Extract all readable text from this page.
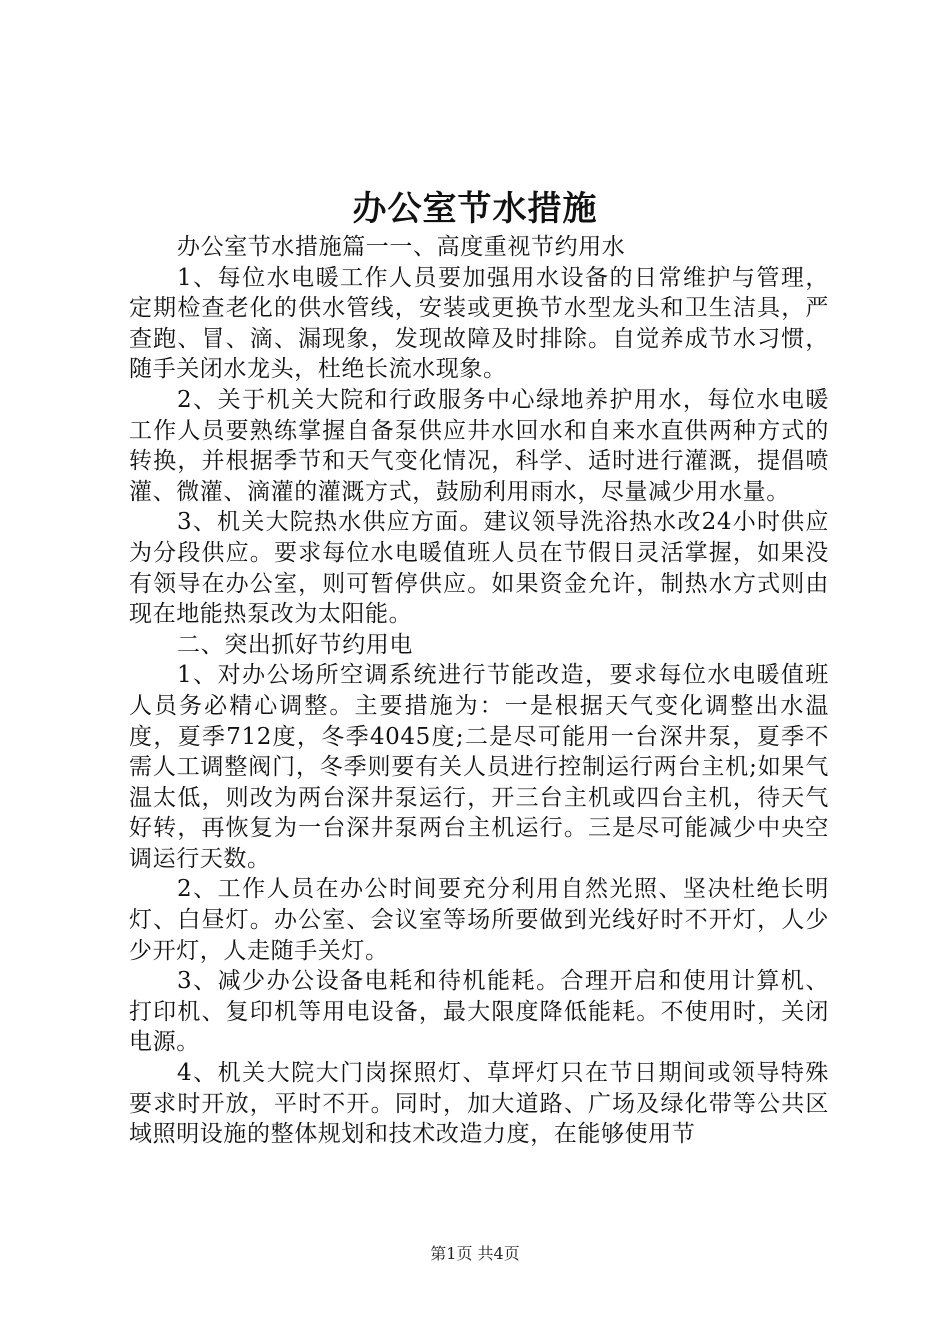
办公室节水措施

办公室节水措施篇一一、高度重视节约用水

1、每位水电暖工作人员要加强用水设备的日常维护与管理，定期检查老化的供水管线，安装或更换节水型龙头和卫生洁具，严查跑、冒、滴、漏现象，发现故障及时排除。自觉养成节水习惯，随手关闭水龙头，杜绝长流水现象。

2、关于机关大院和行政服务中心绿地养护用水，每位水电暖工作人员要熟练掌握自备泵供应井水回水和自来水直供两种方式的转换，并根据季节和天气变化情况，科学、适时进行灌溉，提倡喷灌、微灌、滴灌的灌溉方式，鼓励利用雨水，尽量减少用水量。

3、机关大院热水供应方面。建议领导洗浴热水改24小时供应为分段供应。要求每位水电暖值班人员在节假日灵活掌握，如果没有领导在办公室，则可暂停供应。如果资金允许，制热水方式则由现在地能热泵改为太阳能。

二、突出抓好节约用电

1、对办公场所空调系统进行节能改造，要求每位水电暖值班人员务必精心调整。主要措施为：一是根据天气变化调整出水温度，夏季712度，冬季4045度;二是尽可能用一台深井泵，夏季不需人工调整阀门，冬季则要有关人员进行控制运行两台主机;如果气温太低，则改为两台深井泵运行，开三台主机或四台主机，待天气好转，再恢复为一台深井泵两台主机运行。三是尽可能减少中央空调运行天数。

2、工作人员在办公时间要充分利用自然光照、坚决杜绝长明灯、白昼灯。办公室、会议室等场所要做到光线好时不开灯，人少少开灯，人走随手关灯。

3、减少办公设备电耗和待机能耗。合理开启和使用计算机、打印机、复印机等用电设备，最大限度降低能耗。不使用时，关闭电源。

4、机关大院大门岗探照灯、草坪灯只在节日期间或领导特殊要求时开放，平时不开。同时，加大道路、广场及绿化带等公共区域照明设施的整体规划和技术改造力度，在能够使用节

第1页 共4页
